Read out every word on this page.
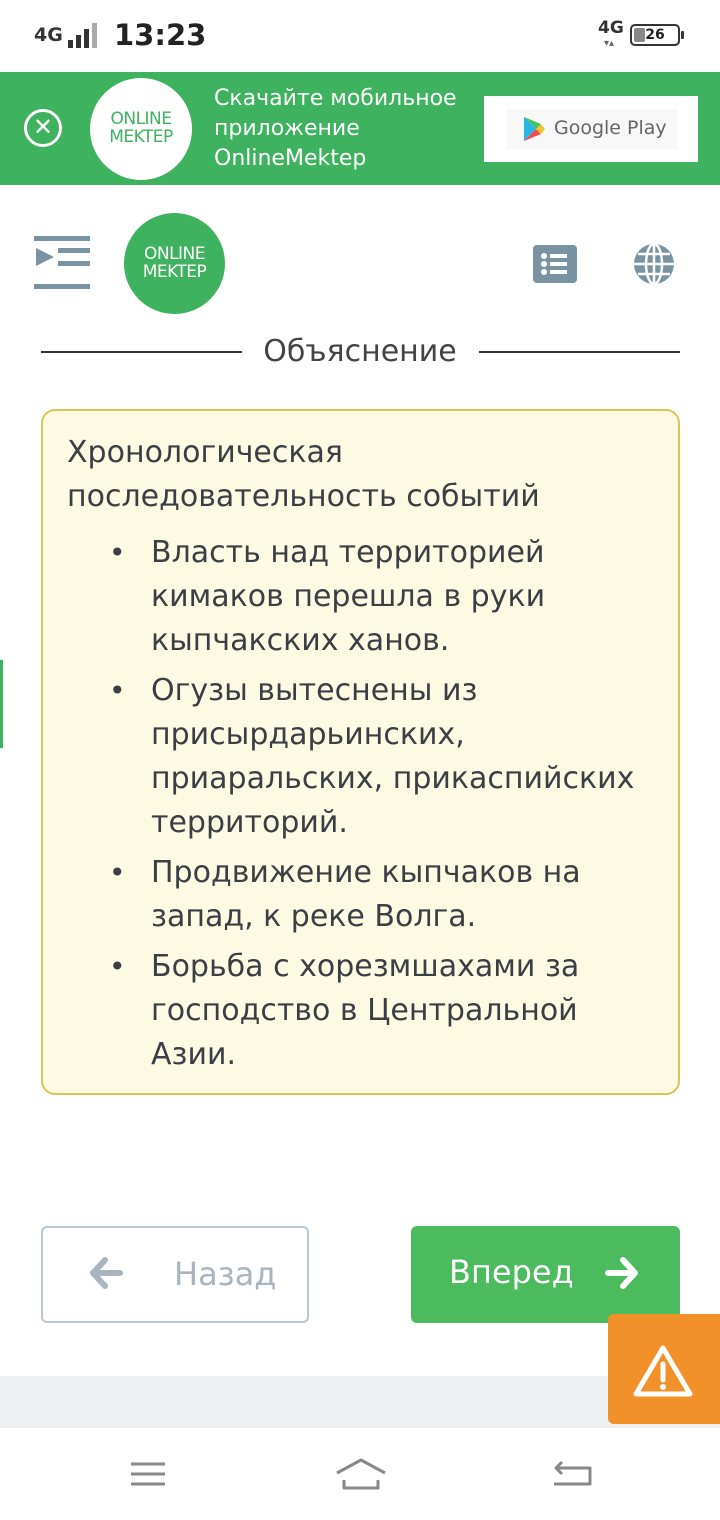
4G 13:23	4G
▾▴
26
✕	ONLINE
MEKTEP
Скачайте мобильное приложение OnlineMektep
Google Play
ONLINE
MEKTEP
Объяснение
Хронологическая последовательность событий
• Власть над территорией кимаков перешла в руки кыпчакских ханов.
• Огузы вытеснены из присырдарьинских, приаральских, прикаспийских территорий.
• Продвижение кыпчаков на запад, к реке Волга.
• Борьба с хорезмшахами за господство в Центральной Азии.
Назад	Вперед
